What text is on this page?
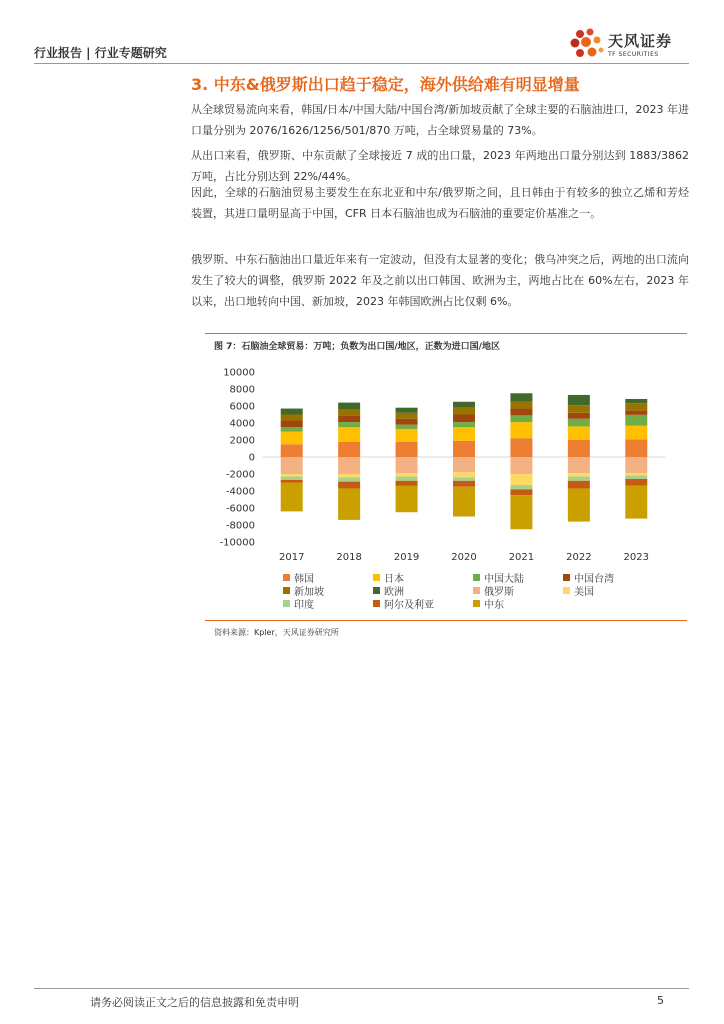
行业报告 | 行业专题研究
天风证券
TF SECURITIES
3. 中东&俄罗斯出口趋于稳定，海外供给难有明显增量

从全球贸易流向来看，韩国/日本/中国大陆/中国台湾/新加坡贡献了全球主要的石脑油进口，2023 年进口量分别为 2076/1626/1256/501/870 万吨，占全球贸易量的 73%。

从出口来看，俄罗斯、中东贡献了全球接近 7 成的出口量，2023 年两地出口量分别达到 1883/3862 万吨，占比分别达到 22%/44%。

因此，全球的石脑油贸易主要发生在东北亚和中东/俄罗斯之间，且日韩由于有较多的独立乙烯和芳烃装置，其进口量明显高于中国，CFR 日本石脑油也成为石脑油的重要定价基准之一。

俄罗斯、中东石脑油出口量近年来有一定波动，但没有太显著的变化；俄乌冲突之后，两地的出口流向发生了较大的调整，俄罗斯 2022 年及之前以出口韩国、欧洲为主，两地占比在 60%左右，2023 年以来，出口地转向中国、新加坡，2023 年韩国欧洲占比仅剩 6%。

图 7：石脑油全球贸易：万吨；负数为出口国/地区，正数为进口国/地区
10000
8000
6000
4000
2000
0
-2000
-4000
-6000
-8000
-10000
2017	2018	2019	2020	2021	2022	2023
韩国	日本	中国大陆	中国台湾
新加坡	欧洲	俄罗斯	美国
印度	阿尔及利亚	中东
资料来源：Kpler，天风证券研究所
请务必阅读正文之后的信息披露和免责申明	5
